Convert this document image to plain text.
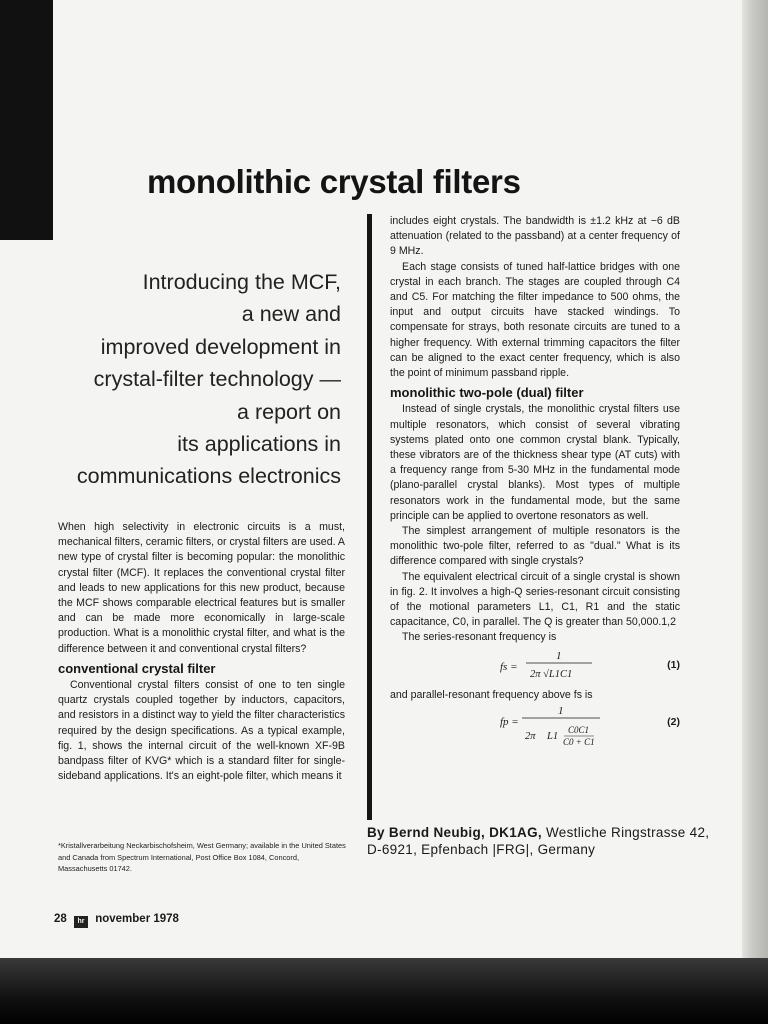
monolithic crystal filters
Introducing the MCF,
a new and
improved development in
crystal-filter technology —
a report on
its applications in
communications electronics

When high selectivity in electronic circuits is a must, mechanical filters, ceramic filters, or crystal filters are used. A new type of crystal filter is becoming popular: the monolithic crystal filter (MCF). It replaces the conventional crystal filter and leads to new applications for this new product, because the MCF shows comparable electrical features but is smaller and can be made more economically in large-scale production. What is a monolithic crystal filter, and what is the difference between it and conventional crystal filters?

conventional crystal filter

Conventional crystal filters consist of one to ten single quartz crystals coupled together by inductors, capacitors, and resistors in a distinct way to yield the filter characteristics required by the design specifications. As a typical example, fig. 1, shows the internal circuit of the well-known XF-9B bandpass filter of KVG* which is a standard filter for single-sideband applications. It's an eight-pole filter, which means it

*Kristallverarbeitung Neckarbischofsheim, West Germany; available in the United States and Canada from Spectrum International, Post Office Box 1084, Concord, Massachusetts 01742.

includes eight crystals. The bandwidth is ±1.2 kHz at −6 dB attenuation (related to the passband) at a center frequency of 9 MHz.

Each stage consists of tuned half-lattice bridges with one crystal in each branch. The stages are coupled through C4 and C5. For matching the filter impedance to 500 ohms, the input and output circuits have stacked windings. To compensate for strays, both resonate circuits are tuned to a higher frequency. With external trimming capacitors the filter can be aligned to the exact center frequency, which is also the point of minimum passband ripple.

monolithic two-pole (dual) filter

Instead of single crystals, the monolithic crystal filters use multiple resonators, which consist of several vibrating systems plated onto one common crystal blank. Typically, these vibrators are of the thickness shear type (AT cuts) with a frequency range from 5-30 MHz in the fundamental mode (plano-parallel crystal blanks). Most types of multiple resonators work in the fundamental mode, but the same principle can be applied to overtone resonators as well.

The simplest arrangement of multiple resonators is the monolithic two-pole filter, referred to as "dual." What is its difference compared with single crystals?

The equivalent electrical circuit of a single crystal is shown in fig. 2. It involves a high-Q series-resonant circuit consisting of the motional parameters L1, C1, R1 and the static capacitance, C0, in parallel. The Q is greater than 50,000.1,2

The series-resonant frequency is

fs =
1
2π √L1C1
(1)

and parallel-resonant frequency above fs is

fp =
1
2π L1
C0C1
C0 + C1
(2)
By Bernd Neubig, DK1AG, Westliche Ringstrasse 42, D-6921, Epfenbach |FRG|, Germany
28 hr november 1978
